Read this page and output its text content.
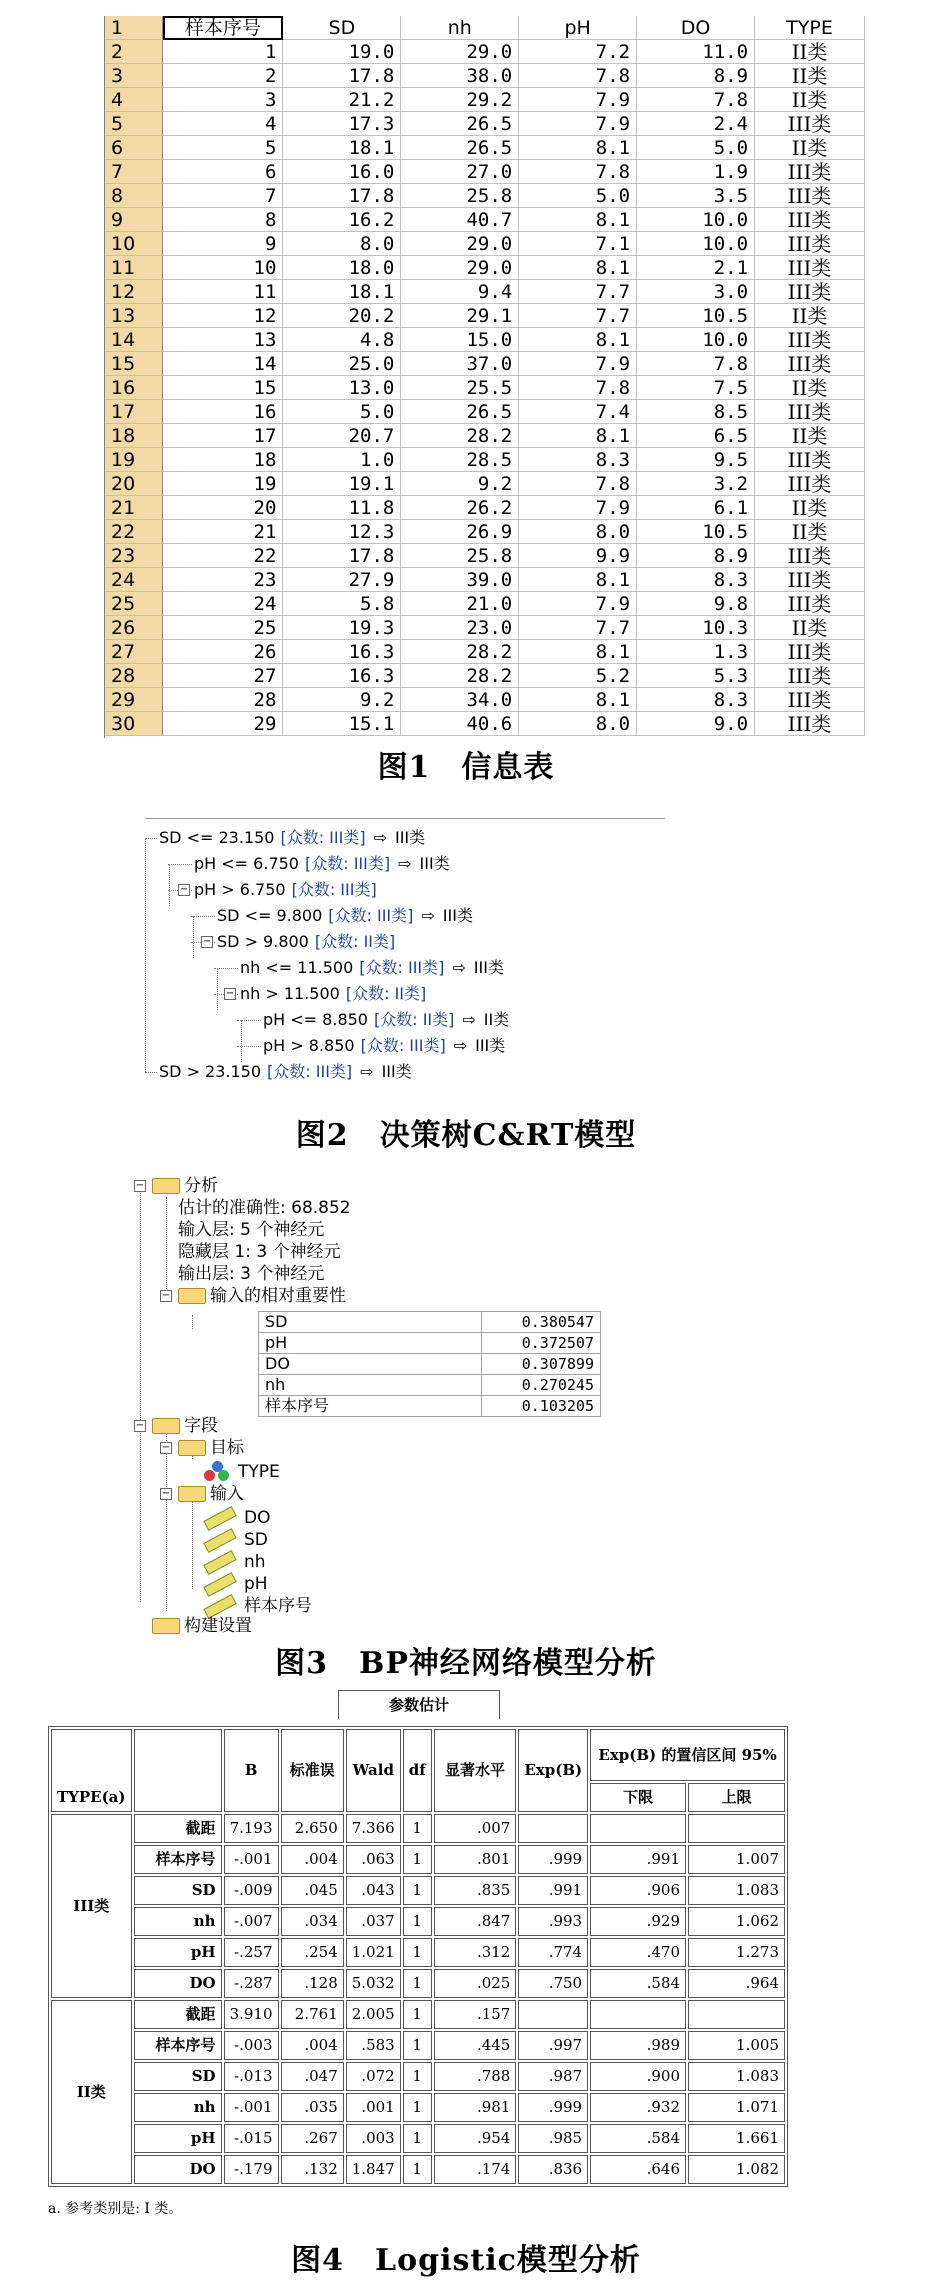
1	样本序号	SD	nh	pH	DO	TYPE
2	1	19.0	29.0	7.2	11.0	II类
3	2	17.8	38.0	7.8	8.9	II类
4	3	21.2	29.2	7.9	7.8	II类
5	4	17.3	26.5	7.9	2.4	III类
6	5	18.1	26.5	8.1	5.0	II类
7	6	16.0	27.0	7.8	1.9	III类
8	7	17.8	25.8	5.0	3.5	III类
9	8	16.2	40.7	8.1	10.0	III类
10	9	8.0	29.0	7.1	10.0	III类
11	10	18.0	29.0	8.1	2.1	III类
12	11	18.1	9.4	7.7	3.0	III类
13	12	20.2	29.1	7.7	10.5	II类
14	13	4.8	15.0	8.1	10.0	III类
15	14	25.0	37.0	7.9	7.8	III类
16	15	13.0	25.5	7.8	7.5	II类
17	16	5.0	26.5	7.4	8.5	III类
18	17	20.7	28.2	8.1	6.5	II类
19	18	1.0	28.5	8.3	9.5	III类
20	19	19.1	9.2	7.8	3.2	III类
21	20	11.8	26.2	7.9	6.1	II类
22	21	12.3	26.9	8.0	10.5	II类
23	22	17.8	25.8	9.9	8.9	III类
24	23	27.9	39.0	8.1	8.3	III类
25	24	5.8	21.0	7.9	9.8	III类
26	25	19.3	23.0	7.7	10.3	II类
27	26	16.3	28.2	8.1	1.3	III类
28	27	16.3	28.2	5.2	5.3	III类
29	28	9.2	34.0	8.1	8.3	III类
30	29	15.1	40.6	8.0	9.0	III类
图1　信息表
SD <= 23.150 [众数: III类] ⇨ III类
pH <= 6.750 [众数: III类] ⇨ III类
− pH > 6.750 [众数: III类]
SD <= 9.800 [众数: III类] ⇨ III类
− SD > 9.800 [众数: II类]
nh <= 11.500 [众数: III类] ⇨ III类
− nh > 11.500 [众数: II类]
pH <= 8.850 [众数: II类] ⇨ II类
pH > 8.850 [众数: III类] ⇨ III类
SD > 23.150 [众数: III类] ⇨ III类
图2　决策树C&RT模型
−	分析
估计的准确性: 68.852
输入层: 5 个神经元
隐藏层 1: 3 个神经元
输出层: 3 个神经元
−	输入的相对重要性
SD	0.380547
pH	0.372507
DO	0.307899
nh	0.270245
样本序号	0.103205
−	字段
−	目标
TYPE
−	输入
DO
SD
nh
pH
样本序号
构建设置
图3　BP神经网络模型分析
参数估计
TYPE(a)		B	标准误	Wald	df	显著水平	Exp(B)	Exp(B) 的置信区间 95%	
								下限	上限
III类	截距	7.193	2.650	7.366	1	.007			
	样本序号	-.001	.004	.063	1	.801	.999	.991	1.007
	SD	-.009	.045	.043	1	.835	.991	.906	1.083
	nh	-.007	.034	.037	1	.847	.993	.929	1.062
	pH	-.257	.254	1.021	1	.312	.774	.470	1.273
	DO	-.287	.128	5.032	1	.025	.750	.584	.964
II类	截距	3.910	2.761	2.005	1	.157			
	样本序号	-.003	.004	.583	1	.445	.997	.989	1.005
	SD	-.013	.047	.072	1	.788	.987	.900	1.083
	nh	-.001	.035	.001	1	.981	.999	.932	1.071
	pH	-.015	.267	.003	1	.954	.985	.584	1.661
	DO	-.179	.132	1.847	1	.174	.836	.646	1.082
a. 参考类别是: I 类。
图4　Logistic模型分析
